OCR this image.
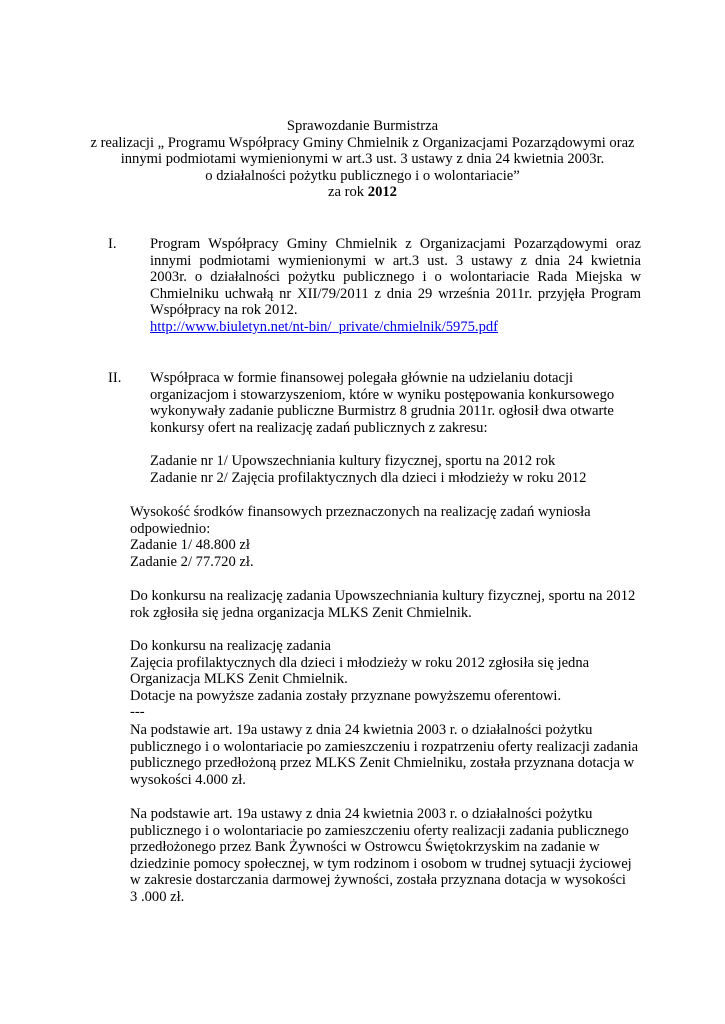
Sprawozdanie Burmistrza
z realizacji „ Programu Współpracy Gminy Chmielnik z Organizacjami Pozarządowymi oraz
innymi podmiotami wymienionymi w art.3 ust. 3 ustawy z dnia 24 kwietnia 2003r.
o działalności pożytku publicznego i o wolontariacie”
za rok 2012
I. Program Współpracy Gminy Chmielnik z Organizacjami Pozarządowymi oraz
innymi podmiotami wymienionymi w art.3 ust. 3 ustawy z dnia 24 kwietnia
2003r. o działalności pożytku publicznego i o wolontariacie Rada Miejska w
Chmielniku uchwałą nr XII/79/2011 z dnia 29 września 2011r. przyjęła Program
Współpracy na rok 2012.
http://www.biuletyn.net/nt-bin/_private/chmielnik/5975.pdf
II. Współpraca w formie finansowej polegała głównie na udzielaniu dotacji
organizacjom i stowarzyszeniom, które w wyniku postępowania konkursowego
wykonywały zadanie publiczne Burmistrz 8 grudnia 2011r. ogłosił dwa otwarte
konkursy ofert na realizację zadań publicznych z zakresu:
Zadanie nr 1/ Upowszechniania kultury fizycznej, sportu na 2012 rok
Zadanie nr 2/ Zajęcia profilaktycznych dla dzieci i młodzieży w roku 2012
Wysokość środków finansowych przeznaczonych na realizację zadań wyniosła
odpowiednio:
Zadanie 1/ 48.800 zł
Zadanie 2/ 77.720 zł.
Do konkursu na realizację zadania Upowszechniania kultury fizycznej, sportu na 2012
rok zgłosiła się jedna organizacja MLKS Zenit Chmielnik.
Do konkursu na realizację zadania
Zajęcia profilaktycznych dla dzieci i młodzieży w roku 2012 zgłosiła się jedna
Organizacja MLKS Zenit Chmielnik.
Dotacje na powyższe zadania zostały przyznane powyższemu oferentowi.
---
Na podstawie art. 19a ustawy z dnia 24 kwietnia 2003 r. o działalności pożytku
publicznego i o wolontariacie po zamieszczeniu i rozpatrzeniu oferty realizacji zadania
publicznego przedłożoną przez MLKS Zenit Chmielniku, została przyznana dotacja w
wysokości 4.000 zł.
Na podstawie art. 19a ustawy z dnia 24 kwietnia 2003 r. o działalności pożytku
publicznego i o wolontariacie po zamieszczeniu oferty realizacji zadania publicznego
przedłożonego przez Bank Żywności w Ostrowcu Świętokrzyskim na zadanie w
dziedzinie pomocy społecznej, w tym rodzinom i osobom w trudnej sytuacji życiowej
w zakresie dostarczania darmowej żywności, została przyznana dotacja w wysokości
3 .000 zł.
